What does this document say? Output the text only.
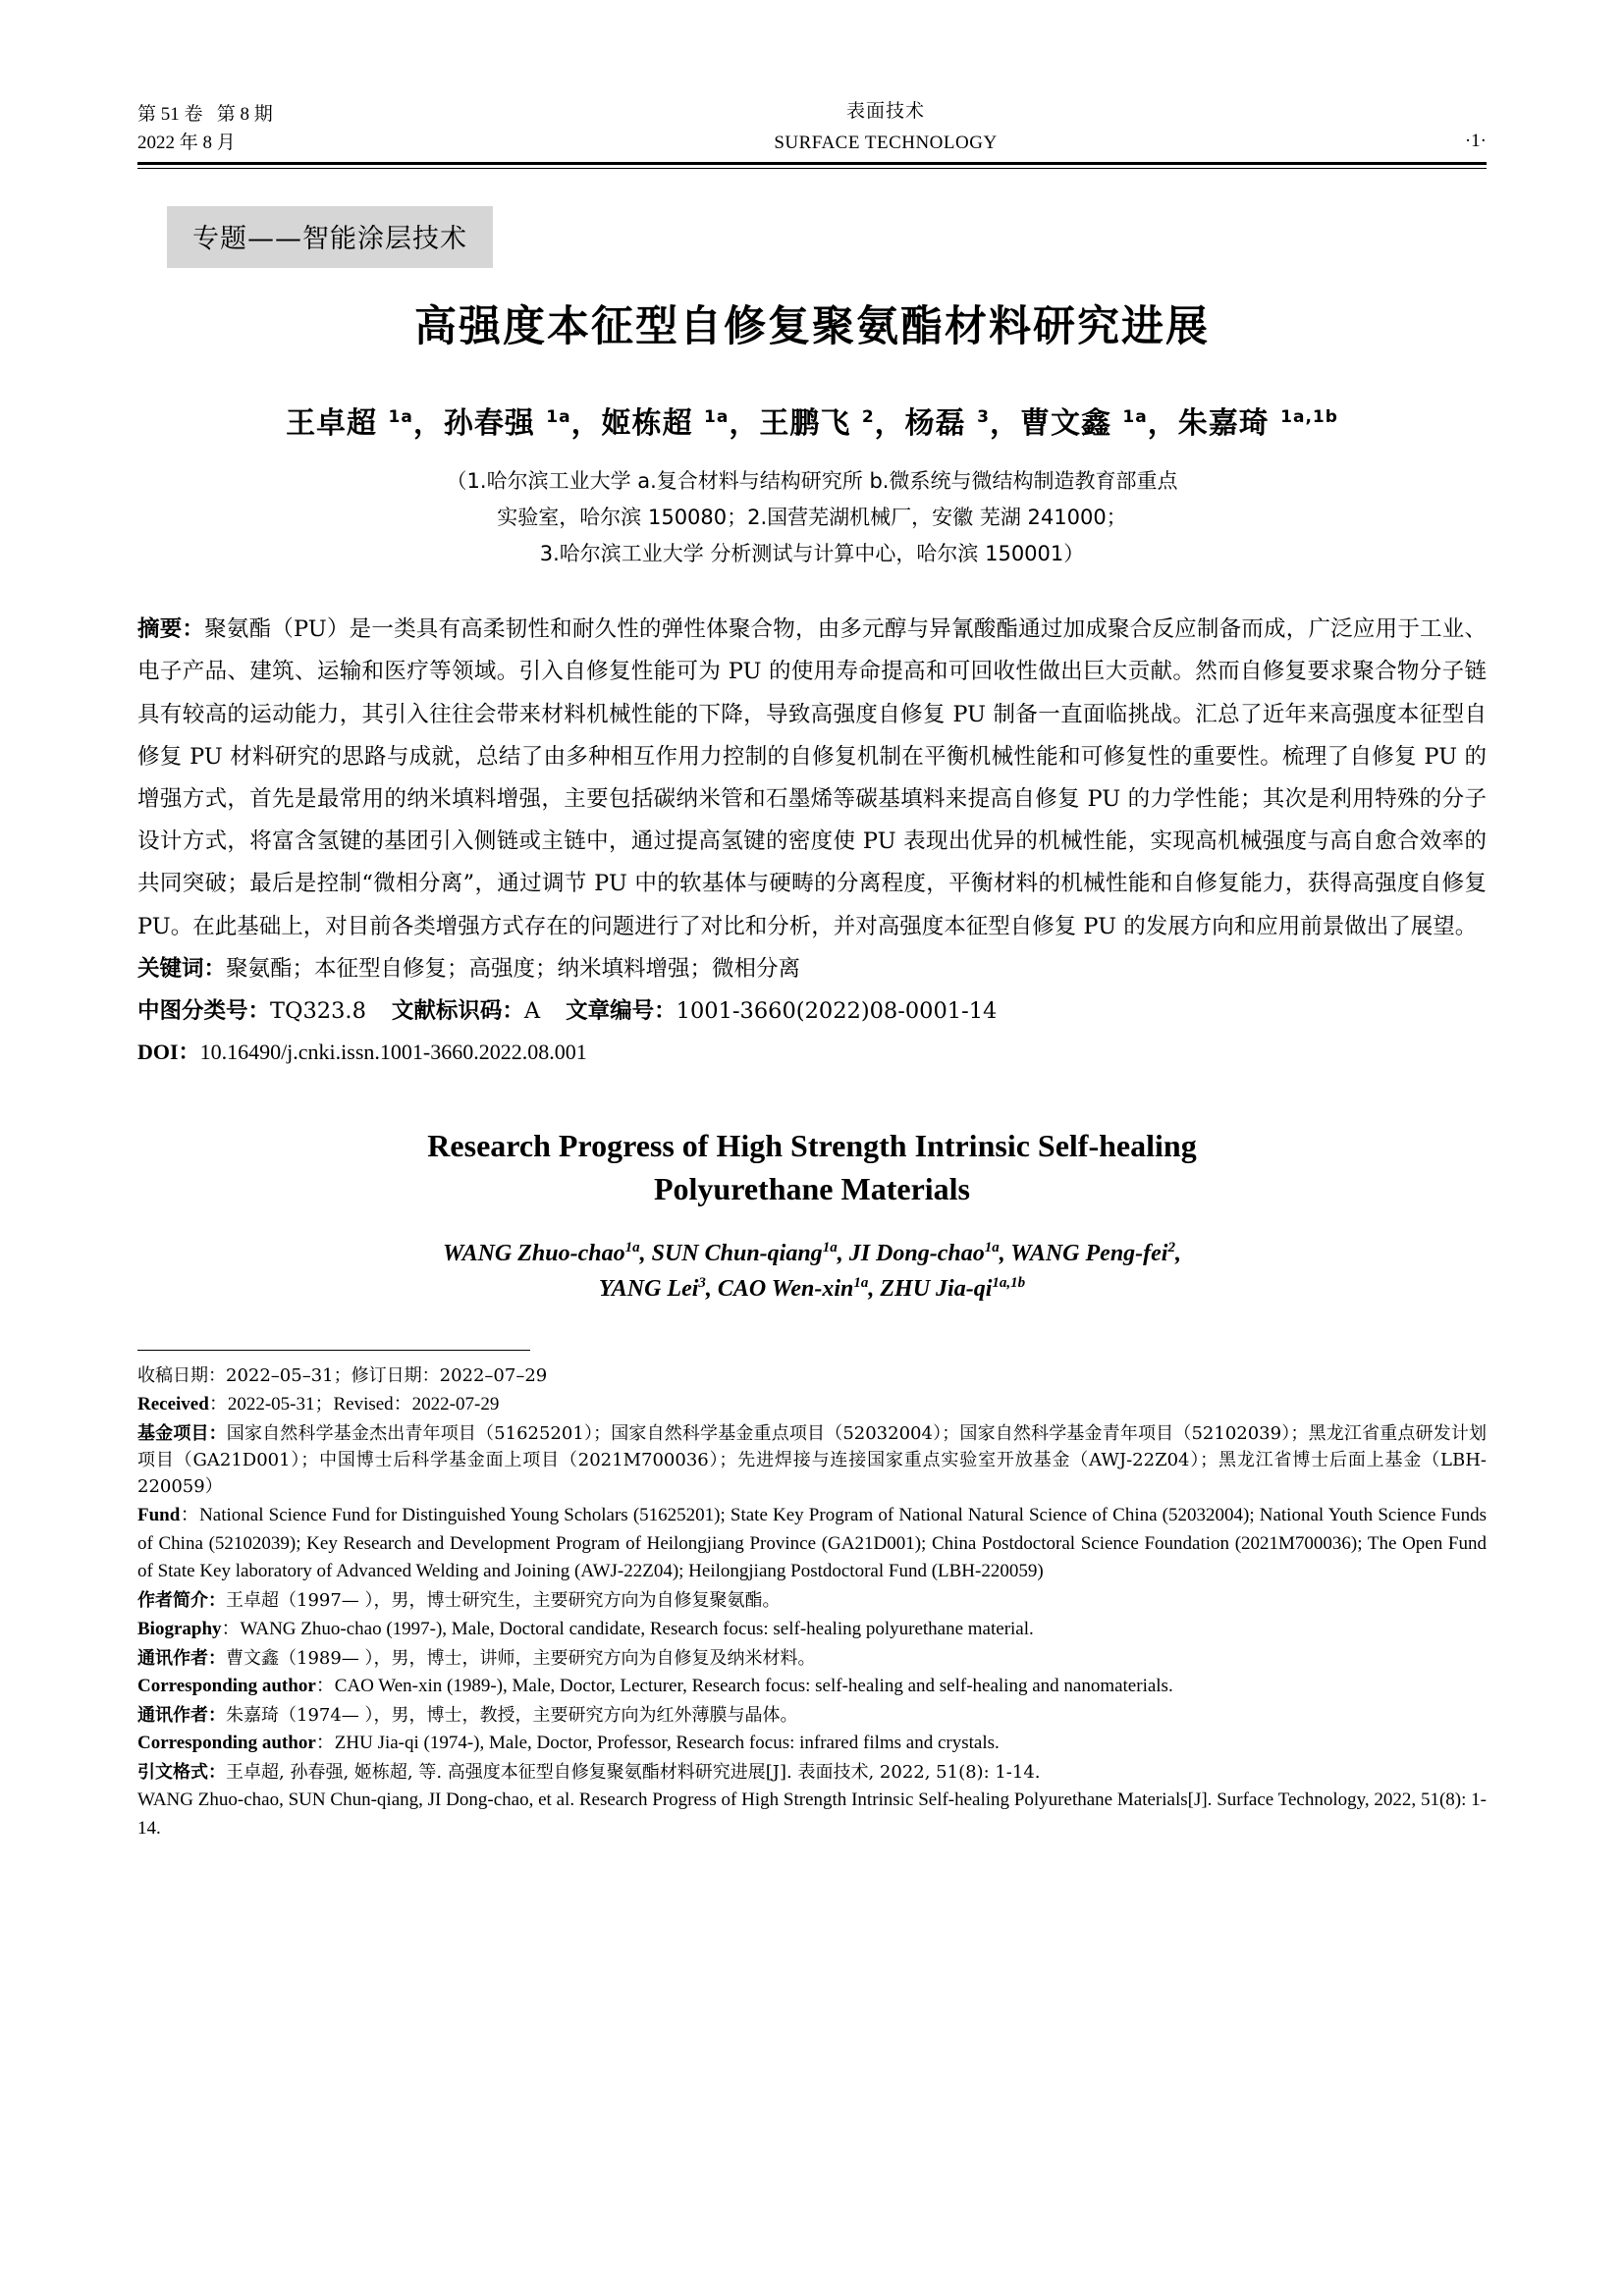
第 51 卷   第 8 期
2022 年 8 月
表面技术
SURFACE TECHNOLOGY	·1·
专题——智能涂层技术
高强度本征型自修复聚氨酯材料研究进展
王卓超 $^{1a}$，孙春强 $^{1a}$，姬栋超 $^{1a}$，王鹏飞 $^2$，杨磊 $^3$，曹文鑫 $^{1a}$，朱嘉琦 $^{1a,1b}$
（1.哈尔滨工业大学 a.复合材料与结构研究所 b.微系统与微结构制造教育部重点
实验室，哈尔滨 150080；2.国营芜湖机械厂，安徽 芜湖 241000；
3.哈尔滨工业大学 分析测试与计算中心，哈尔滨 150001）
摘要：聚氨酯（PU）是一类具有高柔韧性和耐久性的弹性体聚合物，由多元醇与异氰酸酯通过加成聚合反应制备而成，广泛应用于工业、电子产品、建筑、运输和医疗等领域。引入自修复性能可为 PU 的使用寿命提高和可回收性做出巨大贡献。然而自修复要求聚合物分子链具有较高的运动能力，其引入往往会带来材料机械性能的下降，导致高强度自修复 PU 制备一直面临挑战。汇总了近年来高强度本征型自修复 PU 材料研究的思路与成就，总结了由多种相互作用力控制的自修复机制在平衡机械性能和可修复性的重要性。梳理了自修复 PU 的增强方式，首先是最常用的纳米填料增强，主要包括碳纳米管和石墨烯等碳基填料来提高自修复 PU 的力学性能；其次是利用特殊的分子设计方式，将富含氢键的基团引入侧链或主链中，通过提高氢键的密度使 PU 表现出优异的机械性能，实现高机械强度与高自愈合效率的共同突破；最后是控制“微相分离”，通过调节 PU 中的软基体与硬畴的分离程度，平衡材料的机械性能和自修复能力，获得高强度自修复 PU。在此基础上，对目前各类增强方式存在的问题进行了对比和分析，并对高强度本征型自修复 PU 的发展方向和应用前景做出了展望。
关键词：聚氨酯；本征型自修复；高强度；纳米填料增强；微相分离
中图分类号：TQ323.8 文献标识码：A 文章编号：1001-3660(2022)08-0001-14
DOI：10.16490/j.cnki.issn.1001-3660.2022.08.001
Research Progress of High Strength Intrinsic Self-healing
Polyurethane Materials
WANG Zhuo-chao$^{1a}$, SUN Chun-qiang$^{1a}$, JI Dong-chao$^{1a}$, WANG Peng-fei$^2$,
YANG Lei$^3$, CAO Wen-xin$^{1a}$, ZHU Jia-$qi^{1a,1b}$
收稿日期：2022–05–31；修订日期：2022–07–29
Received：2022-05-31；Revised：2022-07-29
基金项目：国家自然科学基金杰出青年项目（51625201）；国家自然科学基金重点项目（52032004）；国家自然科学基金青年项目（52102039）；黑龙江省重点研发计划项目（GA21D001）；中国博士后科学基金面上项目（2021M700036）；先进焊接与连接国家重点实验室开放基金（AWJ-22Z04）；黑龙江省博士后面上基金（LBH-220059）
Fund：National Science Fund for Distinguished Young Scholars (51625201); State Key Program of National Natural Science of China (52032004); National Youth Science Funds of China (52102039); Key Research and Development Program of Heilongjiang Province (GA21D001); China Postdoctoral Science Foundation (2021M700036); The Open Fund of State Key laboratory of Advanced Welding and Joining (AWJ-22Z04); Heilongjiang Postdoctoral Fund (LBH-220059)
作者简介：王卓超（1997— ），男，博士研究生，主要研究方向为自修复聚氨酯。
Biography：WANG Zhuo-chao (1997-), Male, Doctoral candidate, Research focus: self-healing polyurethane material.
通讯作者：曹文鑫（1989— ），男，博士，讲师，主要研究方向为自修复及纳米材料。
Corresponding author：CAO Wen-xin (1989-), Male, Doctor, Lecturer, Research focus: self-healing and self-healing and nanomaterials.
通讯作者：朱嘉琦（1974— ），男，博士，教授，主要研究方向为红外薄膜与晶体。
Corresponding author：ZHU Jia-qi (1974-), Male, Doctor, Professor, Research focus: infrared films and crystals.
引文格式：王卓超, 孙春强, 姬栋超, 等. 高强度本征型自修复聚氨酯材料研究进展[J]. 表面技术, 2022, 51(8): 1-14.
WANG Zhuo-chao, SUN Chun-qiang, JI Dong-chao, et al. Research Progress of High Strength Intrinsic Self-healing Polyurethane Materials[J]. Surface Technology, 2022, 51(8): 1-14.
